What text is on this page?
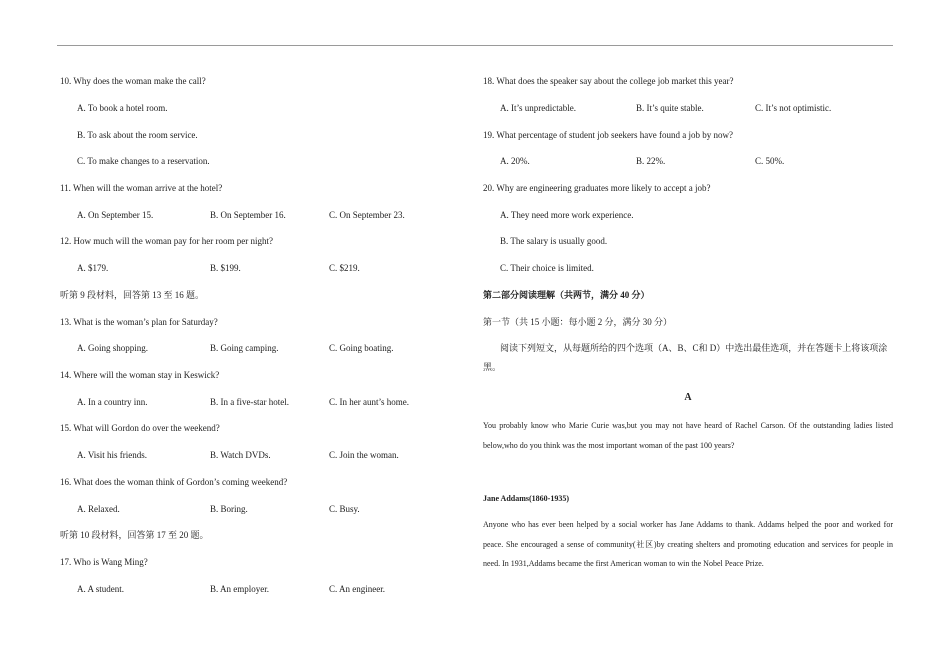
10. Why does the woman make the call?
A. To book a hotel room.
B. To ask about the room service.
C. To make changes to a reservation.
11. When will the woman arrive at the hotel?
A. On September 15.	B. On September 16.	C. On September 23.
12. How much will the woman pay for her room per night?
A. $179.	B. $199.	C. $219.
听第 9 段材料，回答第 13 至 16 题。
13. What is the woman’s plan for Saturday?
A. Going shopping.	B. Going camping.	C. Going boating.
14. Where will the woman stay in Keswick?
A. In a country inn.	B. In a five-star hotel.	C. In her aunt’s home.
15. What will Gordon do over the weekend?
A. Visit his friends.	B. Watch DVDs.	C. Join the woman.
16. What does the woman think of Gordon’s coming weekend?
A. Relaxed.	B. Boring.	C. Busy.
听第 10 段材料，回答第 17 至 20 题。
17. Who is Wang Ming?
A. A student.	B. An employer.	C. An engineer.
18. What does the speaker say about the college job market this year?
A. It’s unpredictable.	B. It’s quite stable.	C. It’s not optimistic.
19. What percentage of student job seekers have found a job by now?
A. 20%.	B. 22%.	C. 50%.
20. Why are engineering graduates more likely to accept a job?
A. They need more work experience.
B. The salary is usually good.
C. Their choice is limited.
第二部分阅读理解（共两节，满分 40 分）
第一节（共 15 小题：每小题 2 分，满分 30 分）
阅读下列短文，从每题所给的四个选项（A、B、C和 D）中选出最佳选项，并在答题卡上将该项涂黑。
A
You probably know who Marie Curie was,but you may not have heard of Rachel Carson. Of the outstanding ladies listed below,who do you think was the most important woman of the past 100 years?
Jane Addams(1860-1935)
Anyone who has ever been helped by a social worker has Jane Addams to thank. Addams helped the poor and worked for peace. She encouraged a sense of community(社区)by creating shelters and promoting education and services for people in need. In 1931,Addams became the first American woman to win the Nobel Peace Prize.
